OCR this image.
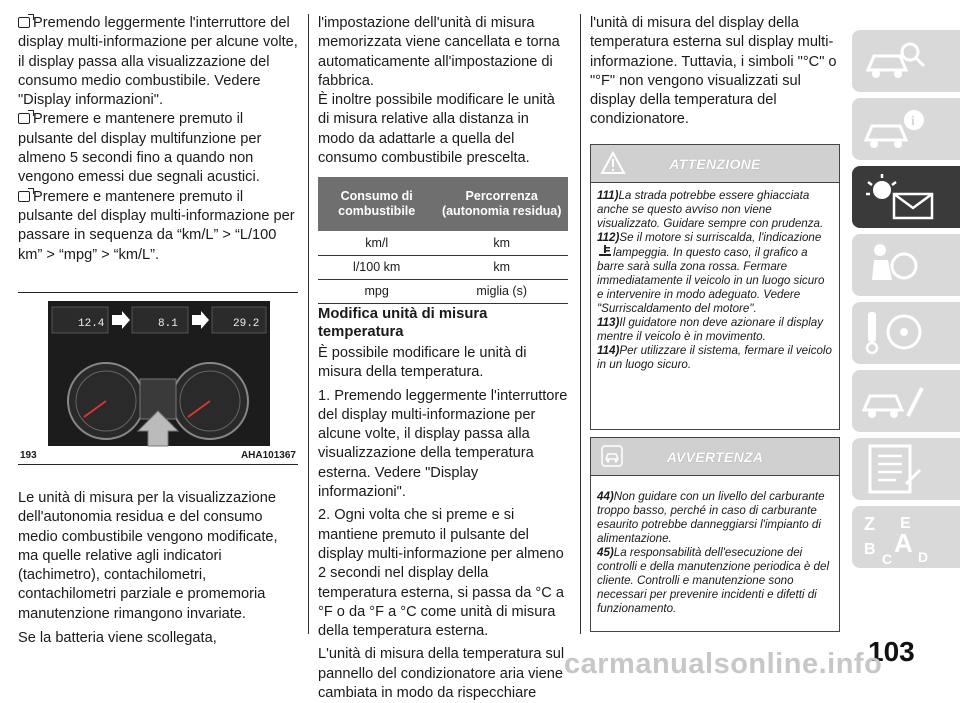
Premendo leggermente l'interruttore del display multi-informazione per alcune volte, il display passa alla visualizzazione del consumo medio combustibile. Vedere "Display informazioni".

Premere e mantenere premuto il pulsante del display multifunzione per almeno 5 secondi fino a quando non vengono emessi due segnali acustici.

Premere e mantenere premuto il pulsante del display multi-informazione per passare in sequenza da “km/L” > “L/100 km” > “mpg” > “km/L”.

12.4	8.1	29.2
193	AHA101367

Le unità di misura per la visualizzazione dell'autonomia residua e del consumo medio combustibile vengono modificate, ma quelle relative agli indicatori (tachimetro), contachilometri, contachilometri parziale e promemoria manutenzione rimangono invariate.

Se la batteria viene scollegata,

l'impostazione dell'unità di misura memorizzata viene cancellata e torna automaticamente all'impostazione di fabbrica.

È inoltre possibile modificare le unità di misura relative alla distanza in modo da adattarle a quella del consumo combustibile prescelta.

Consumo di combustibile	Percorrenza (autonomia residua)
km/l	km
l/100 km	km
mpg	miglia (s)

Modifica unità di misura temperatura

È possibile modificare le unità di misura della temperatura.

1. Premendo leggermente l'interruttore del display multi-informazione per alcune volte, il display passa alla visualizzazione della temperatura esterna. Vedere "Display informazioni".

2. Ogni volta che si preme e si mantiene premuto il pulsante del display multi-informazione per almeno 2 secondi nel display della temperatura esterna, si passa da °C a °F o da °F a °C come unità di misura della temperatura esterna.

L'unità di misura della temperatura sul pannello del condizionatore aria viene cambiata in modo da rispecchiare

l'unità di misura del display della temperatura esterna sul display multi-informazione. Tuttavia, i simboli "°C" o "°F" non vengono visualizzati sul display della temperatura del condizionatore.

ATTENZIONE

111)La strada potrebbe essere ghiacciata anche se questo avviso non viene visualizzato. Guidare sempre con prudenza.

112)Se il motore si surriscalda, l'indicazionelampeggia. In questo caso, il grafico a barre sarà sulla zona rossa. Fermare immediatamente il veicolo in un luogo sicuro e intervenire in modo adeguato. Vedere "Surriscaldamento del motore".

113)Il guidatore non deve azionare il display mentre il veicolo è in movimento.

114)Per utilizzare il sistema, fermare il veicolo in un luogo sicuro.

AVVERTENZA

44)Non guidare con un livello del carburante troppo basso, perché in caso di carburante esaurito potrebbe danneggiarsi l'impianto di alimentazione.

45)La responsabilità dell'esecuzione dei controlli e della manutenzione periodica è del cliente. Controlli e manutenzione sono necessari per prevenire incidenti e difetti di funzionamento.

i
Z E
B A
C D
103
carmanualsonline.info
